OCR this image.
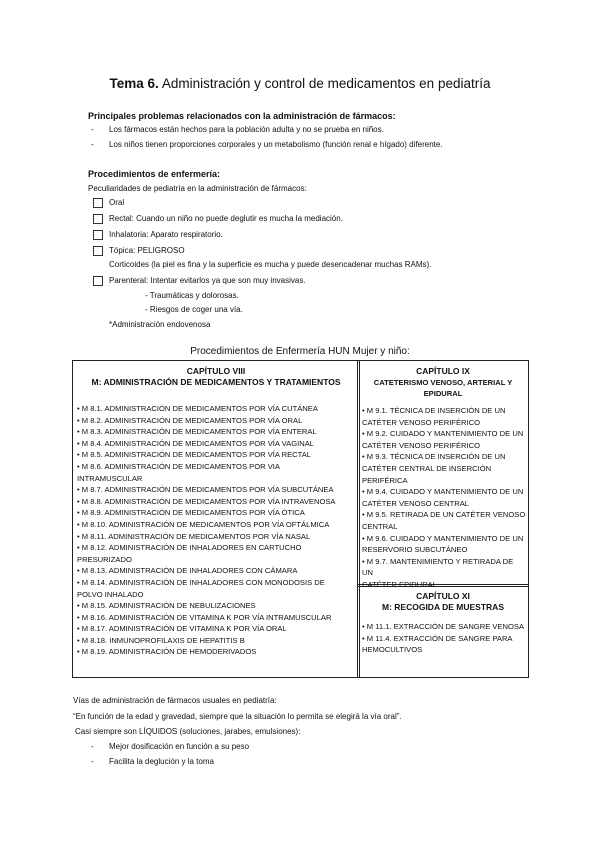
Tema 6. Administración y control de medicamentos en pediatría
Principales problemas relacionados con la administración de fármacos:
- Los fármacos están hechos para la población adulta y no se prueba en niños.
- Los niños tienen proporciones corporales y un metabolismo (función renal e hígado) diferente.
Procedimientos de enfermería:
Peculiaridades de pediatría en la administración de fármacos:
Oral
Rectal: Cuando un niño no puede deglutir es mucha la mediación.
Inhalatoria: Aparato respiratorio.
Tópica: PELIGROSO
Corticoides (la piel es fina y la superficie es mucha y puede desencadenar muchas RAMs).
Parenteral: Intentar evitarlos ya que son muy invasivas.
- Traumáticas y dolorosas.
- Riesgos de coger una vía.
*Administración endovenosa
Procedimientos de Enfermería HUN Mujer y niño:
CAPÍTULO VIII
M: ADMINISTRACIÓN DE MEDICAMENTOS Y TRATAMIENTOS
• M 8.1. ADMINISTRACIÓN DE MEDICAMENTOS POR VÍA CUTÁNEA
• M 8.2. ADMINISTRACIÓN DE MEDICAMENTOS POR VÍA ORAL
• M 8.3. ADMINISTRACIÓN DE MEDICAMENTOS POR VÍA ENTERAL
• M 8.4. ADMINISTRACIÓN DE MEDICAMENTOS POR VÍA VAGINAL
• M 8.5. ADMINISTRACIÓN DE MEDICAMENTOS POR VÍA RECTAL
• M 8.6. ADMINISTRACIÓN DE MEDICAMENTOS POR VIA
INTRAMUSCULAR
• M 8.7. ADMINISTRACIÓN DE MEDICAMENTOS POR VÍA SUBCUTÁNEA
• M 8.8. ADMINISTRACIÓN DE MEDICAMENTOS POR VÍA INTRAVENOSA
• M 8.9. ADMINISTRACIÓN DE MEDICAMENTOS POR VÍA ÓTICA
• M 8.10. ADMINISTRACIÓN DE MEDICAMENTOS POR VÍA OFTÁLMICA
• M 8.11. ADMINISTRACIÓN DE MEDICAMENTOS POR VÍA NASAL
• M 8.12. ADMINISTRACIÓN DE INHALADORES EN CARTUCHO
PRESURIZADO
• M 8.13. ADMINISTRACIÓN DE INHALADORES CON CÁMARA
• M 8.14. ADMINISTRACIÓN DE INHALADORES CON MONODOSIS DE
POLVO INHALADO
• M 8.15. ADMINISTRACIÓN DE NEBULIZACIONES
• M 8.16. ADMINISTRACIÓN DE VITAMINA K POR VÍA INTRAMUSCULAR
• M 8.17. ADMINISTRACIÓN DE VITAMINA K POR VÍA ORAL
• M 8.18. INMUNOPROFILAXIS DE HEPATITIS B
• M 8.19. ADMINISTRACIÓN DE HEMODERIVADOS
CAPÍTULO IX
CATETERISMO VENOSO, ARTERIAL Y EPIDURAL
• M 9.1. TÉCNICA DE INSERCIÓN DE UN
CATÉTER VENOSO PERIFÉRICO
• M 9.2. CUIDADO Y MANTENIMIENTO DE UN
CATÉTER VENOSO PERIFÉRICO
• M 9.3. TÉCNICA DE INSERCIÓN DE UN
CATÉTER CENTRAL DE INSERCIÓN PERIFÉRICA
• M 9.4. CUIDADO Y MANTENIMIENTO DE UN
CATÉTER VENOSO CENTRAL
• M 9.5. RETIRADA DE UN CATÉTER VENOSO
CENTRAL
• M 9.6. CUIDADO Y MANTENIMIENTO DE UN
RESERVORIO SUBCUTÁNEO
• M 9.7. MANTENIMIENTO Y RETIRADA DE UN
CATÉTER EPIDURAL
CAPÍTULO XI
M: RECOGIDA DE MUESTRAS
• M 11.1. EXTRACCIÓN DE SANGRE VENOSA
• M 11.4. EXTRACCIÓN DE SANGRE PARA
HEMOCULTIVOS
Vías de administración de fármacos usuales en pediatría:
“En función de la edad y gravedad, siempre que la situación lo permita se elegirá la vía oral”.
Casi siempre son LÍQUIDOS (soluciones, jarabes, emulsiones):
- Mejor dosificación en función a su peso
- Facilita la deglución y la toma
